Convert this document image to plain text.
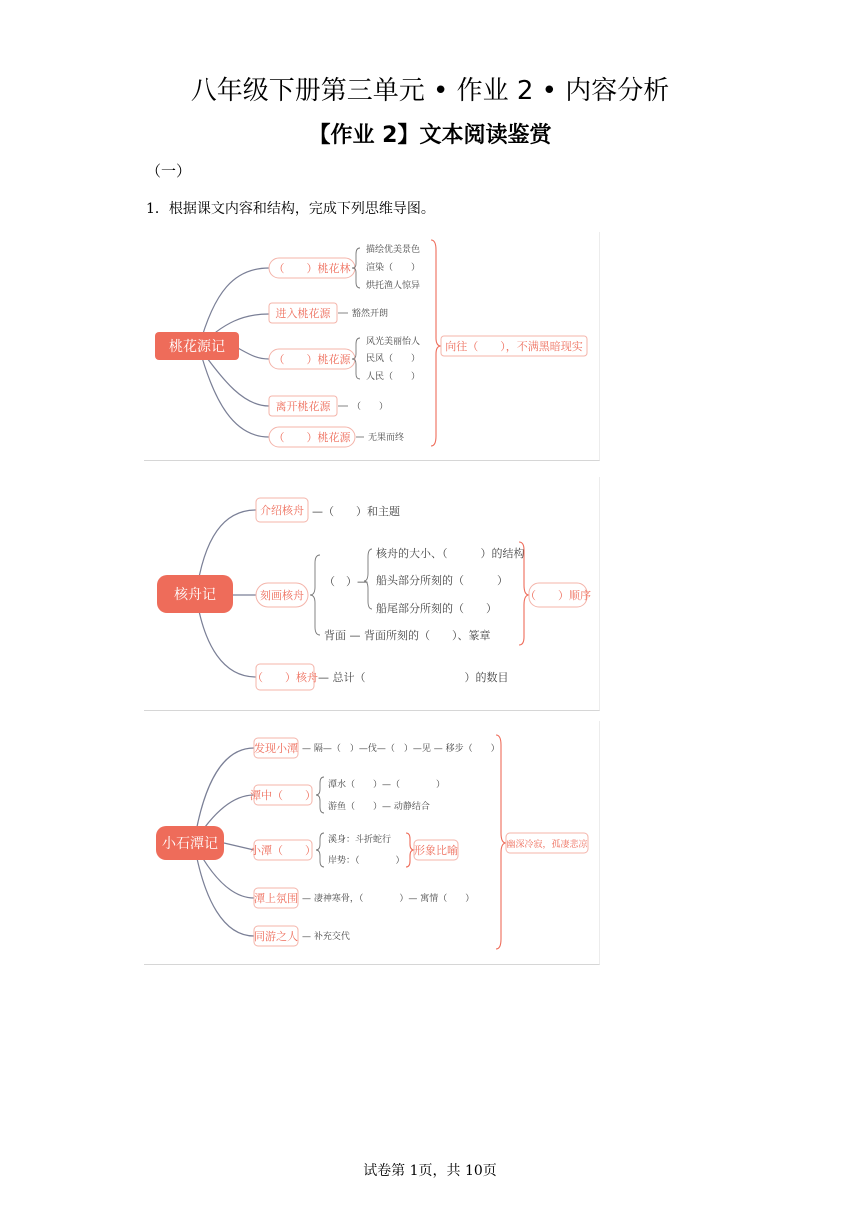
八年级下册第三单元 • 作业 2 • 内容分析
【作业 2】文本阅读鉴赏
（一）
1．根据课文内容和结构，完成下列思维导图。
桃花源记
（　　）桃花林
描绘优美景色
渲染（　　）
烘托渔人惊异
进入桃花源 豁然开朗
（　　）桃花源
风光美丽怡人
民风（　　）
人民（　　）
离开桃花源 （　　）
（　　）桃花源 无果而终
向往（　　），不满黑暗现实
核舟记
介绍核舟 —（　　）和主题
刻画核舟
（　）—
核舟的大小、（　　　）的结构
船头部分所刻的（　　　）
船尾部分所刻的（　　）
背面 — 背面所刻的（　　）、篆章
（　　）核舟 — 总计（　　　　　　　　　）的数目
（　　）顺序
小石潭记
发现小潭 — 隔—（　）—伐—（　）—见 — 移步（　　）
潭中（　　）
潭水（　　）—（　　　　）
游鱼（　　）— 动静结合
小潭（　　）
溪身：斗折蛇行
岸势：（　　　　）
形象比喻
潭上氛围 — 凄神寒骨，（　　　　）— 寓情（　　）
同游之人 — 补充交代
幽深冷寂，孤凄悲凉
试卷第 1页，共 10页
